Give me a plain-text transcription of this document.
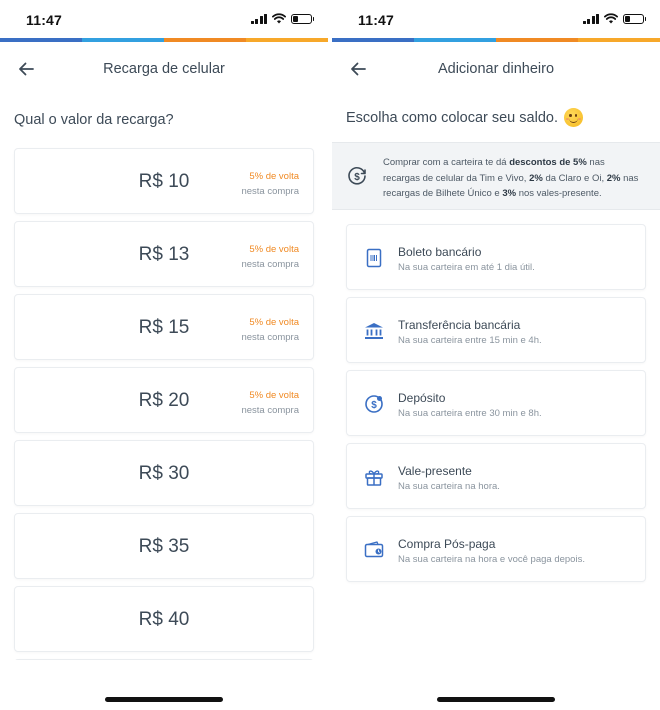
11:47
Recarga de celular
Qual o valor da recarga?
R$ 10	5% de volta
nesta compra
R$ 13	5% de volta
nesta compra
R$ 15	5% de volta
nesta compra
R$ 20	5% de volta
nesta compra
R$ 30
R$ 35
R$ 40
11:47
Adicionar dinheiro
Escolha como colocar seu saldo.
$
Comprar com a carteira te dá descontos de 5% nas recargas de celular da Tim e Vivo, 2% da Claro e Oi, 2% nas recargas de Bilhete Único e 3% nos vales-presente.
Boleto bancário
Na sua carteira em até 1 dia útil.
Transferência bancária
Na sua carteira entre 15 min e 4h.
$
Depósito
Na sua carteira entre 30 min e 8h.
Vale-presente
Na sua carteira na hora.
Compra Pós-paga
Na sua carteira na hora e você paga depois.
